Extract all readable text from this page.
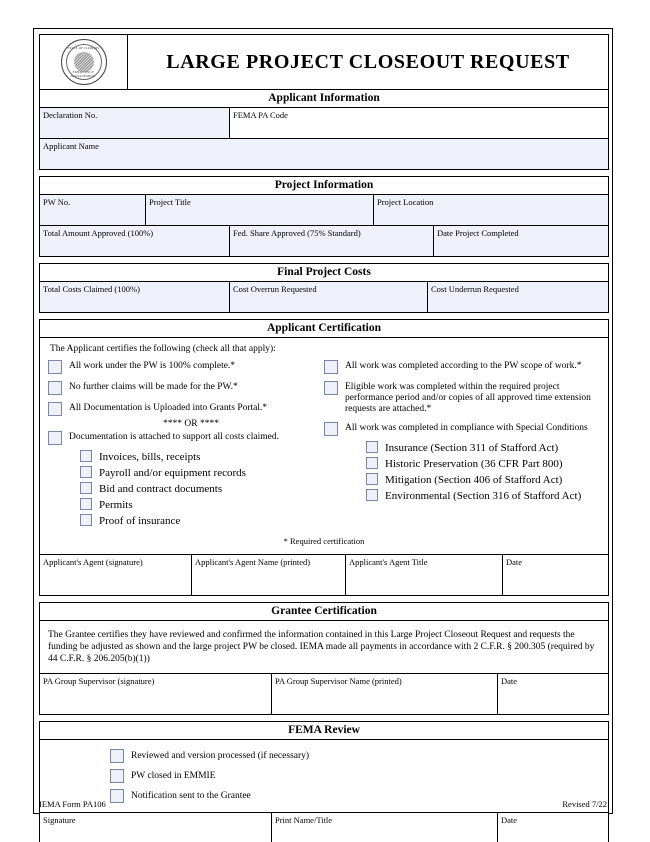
STATE OF ILLINOIS
EMERGENCY MANAGEMENT
LARGE PROJECT CLOSEOUT REQUEST
Applicant Information
Declaration No.	FEMA PA Code
Applicant Name
Project Information
PW No.	Project Title	Project Location
Total Amount Approved (100%)	Fed. Share Approved (75% Standard)	Date Project Completed
Final Project Costs
Total Costs Claimed (100%)	Cost Overrun Requested	Cost Underrun Requested
Applicant Certification
The Applicant certifies the following (check all that apply):
All work under the PW is 100% complete.*
No further claims will be made for the PW.*
All Documentation is Uploaded into Grants Portal.*
**** OR ****
Documentation is attached to support all costs claimed.
Invoices, bills, receipts
Payroll and/or equipment records
Bid and contract documents
Permits
Proof of insurance
All work was completed according to the PW scope of work.*
Eligible work was completed within the required project performance period and/or copies of all approved time extension requests are attached.*
All work was completed in compliance with Special Conditions
Insurance (Section 311 of Stafford Act)
Historic Preservation (36 CFR Part 800)
Mitigation (Section 406 of Stafford Act)
Environmental (Section 316 of Stafford Act)
* Required certification
Applicant's Agent (signature)	Applicant's Agent Name (printed)	Applicant's Agent Title	Date
Grantee Certification
The Grantee certifies they have reviewed and confirmed the information contained in this Large Project Closeout Request and requests the funding be adjusted as shown and the large project PW be closed. IEMA made all payments in accordance with 2 C.F.R. § 200.305 (required by 44 C.F.R. § 206.205(b)(1))
PA Group Supervisor (signature)	PA Group Supervisor Name (printed)	Date
FEMA Review
Reviewed and version processed (if necessary)
PW closed in EMMIE
Notification sent to the Grantee
Signature	Print Name/Title	Date
IEMA Form PA106	Revised 7/22
